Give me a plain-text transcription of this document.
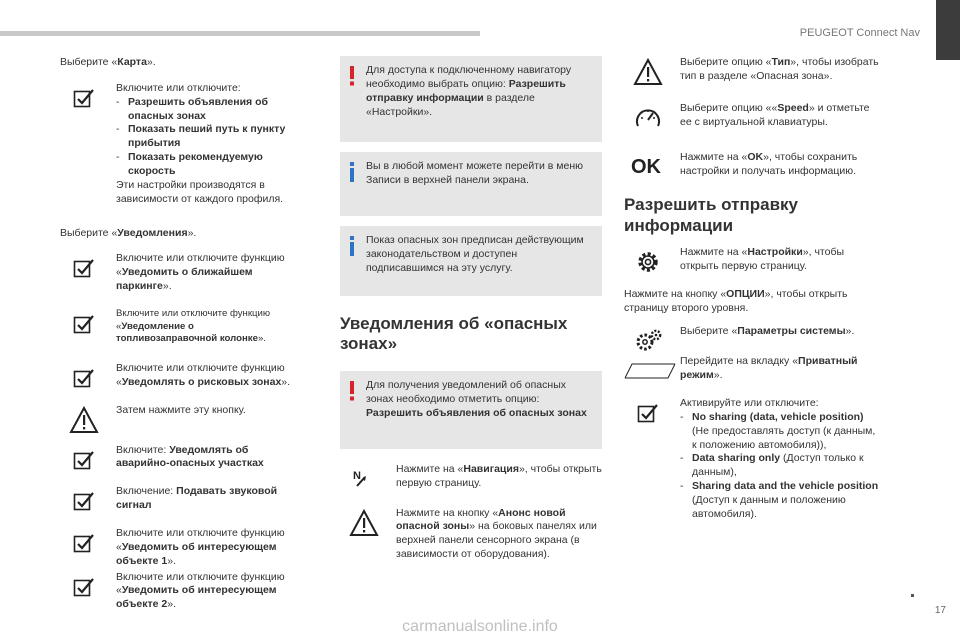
PEUGEOT Connect Nav

Выберите «Карта».

Включите или отключите:

- Разрешить объявления об опасных зонах
- Показать пеший путь к пункту прибытия
- Показать рекомендуемую скорость

Эти настройки производятся в зависимости от каждого профиля.

Выберите «Уведомления».

Включите или отключите функцию «Уведомить о ближайшем паркинге».

Включите или отключите функцию «Уведомление о топливозаправочной колонке».

Включите или отключите функцию «Уведомлять о рисковых зонах».

Затем нажмите эту кнопку.

Включите: Уведомлять об аварийно-опасных участках

Включение: Подавать звуковой сигнал

Включите или отключите функцию «Уведомить об интересующем объекте 1».

Включите или отключите функцию «Уведомить об интересующем объекте 2».

Для доступа к подключенному навигатору необходимо выбрать опцию: Разрешить отправку информации в разделе «Настройки».

Вы в любой момент можете перейти в меню Записи в верхней панели экрана.

Показ опасных зон предписан действующим законодательством и доступен подписавшимся на эту услугу.

Уведомления об «опасных зонах»

Для получения уведомлений об опасных зонах необходимо отметить опцию:

Разрешить объявления об опасных зонах

N

Нажмите на «Навигация», чтобы открыть первую страницу.

Нажмите на кнопку «Анонс новой опасной зоны» на боковых панелях или верхней панели сенсорного экрана (в зависимости от оборудования).

Выберите опцию «Тип», чтобы изобрать тип в разделе «Опасная зона».

Выберите опцию ««Speed» и отметьте ее с виртуальной клавиатуры.

OK	Нажмите на «OK», чтобы сохранить настройки и получать информацию.

Разрешить отправку информации

Нажмите на «Настройки», чтобы открыть первую страницу.

Нажмите на кнопку «ОПЦИИ», чтобы открыть страницу второго уровня.

Выберите «Параметры системы».

Перейдите на вкладку «Приватный режим».

Активируйте или отключите:

- No sharing (data, vehicle position) (Не предоставлять доступ (к данным, к положению автомобиля)),
- Data sharing only (Доступ только к данным),
- Sharing data and the vehicle position (Доступ к данным и положению автомобиля).
17
carmanualsonline.info
